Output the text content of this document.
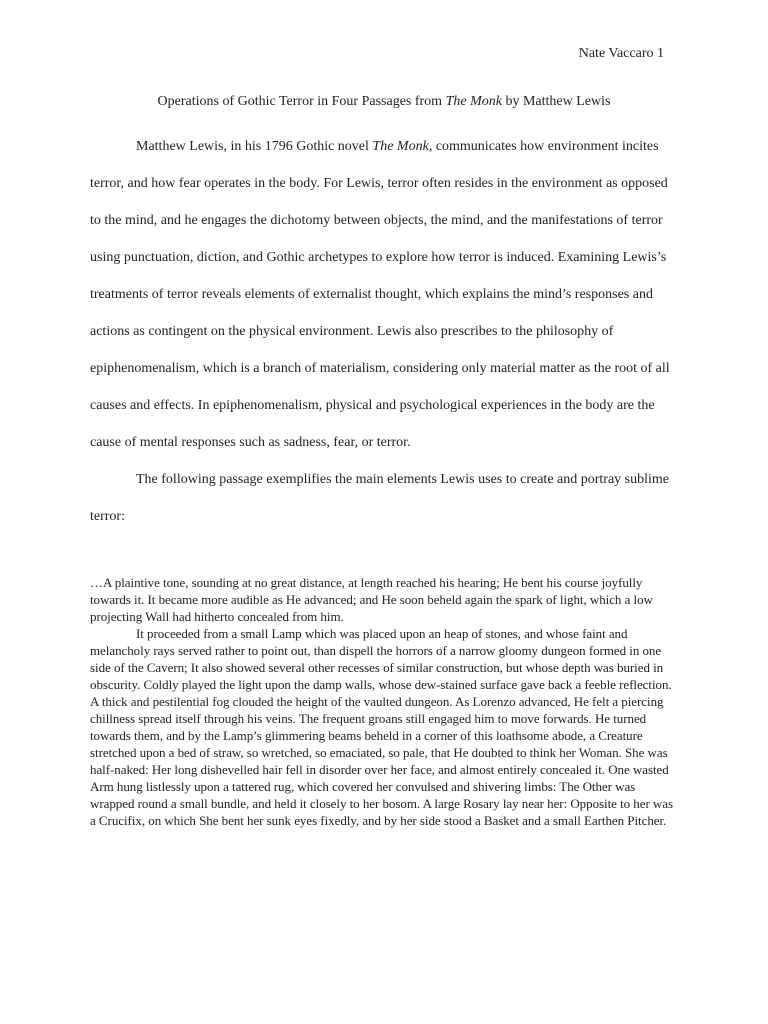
Nate Vaccaro 1
Operations of Gothic Terror in Four Passages from The Monk by Matthew Lewis

Matthew Lewis, in his 1796 Gothic novel The Monk, communicates how environment incites terror, and how fear operates in the body. For Lewis, terror often resides in the environment as opposed to the mind, and he engages the dichotomy between objects, the mind, and the manifestations of terror using punctuation, diction, and Gothic archetypes to explore how terror is induced. Examining Lewis’s treatments of terror reveals elements of externalist thought, which explains the mind’s responses and actions as contingent on the physical environment. Lewis also prescribes to the philosophy of epiphenomenalism, which is a branch of materialism, considering only material matter as the root of all causes and effects. In epiphenomenalism, physical and psychological experiences in the body are the cause of mental responses such as sadness, fear, or terror.

The following passage exemplifies the main elements Lewis uses to create and portray sublime terror:

…A plaintive tone, sounding at no great distance, at length reached his hearing; He bent his course joyfully towards it. It became more audible as He advanced; and He soon beheld again the spark of light, which a low projecting Wall had hitherto concealed from him.

It proceeded from a small Lamp which was placed upon an heap of stones, and whose faint and melancholy rays served rather to point out, than dispell the horrors of a narrow gloomy dungeon formed in one side of the Cavern; It also showed several other recesses of similar construction, but whose depth was buried in obscurity. Coldly played the light upon the damp walls, whose dew-stained surface gave back a feeble reflection. A thick and pestilential fog clouded the height of the vaulted dungeon. As Lorenzo advanced, He felt a piercing chillness spread itself through his veins. The frequent groans still engaged him to move forwards. He turned towards them, and by the Lamp’s glimmering beams beheld in a corner of this loathsome abode, a Creature stretched upon a bed of straw, so wretched, so emaciated, so pale, that He doubted to think her Woman. She was half-naked: Her long dishevelled hair fell in disorder over her face, and almost entirely concealed it. One wasted Arm hung listlessly upon a tattered rug, which covered her convulsed and shivering limbs: The Other was wrapped round a small bundle, and held it closely to her bosom. A large Rosary lay near her: Opposite to her was a Crucifix, on which She bent her sunk eyes fixedly, and by her side stood a Basket and a small Earthen Pitcher.
